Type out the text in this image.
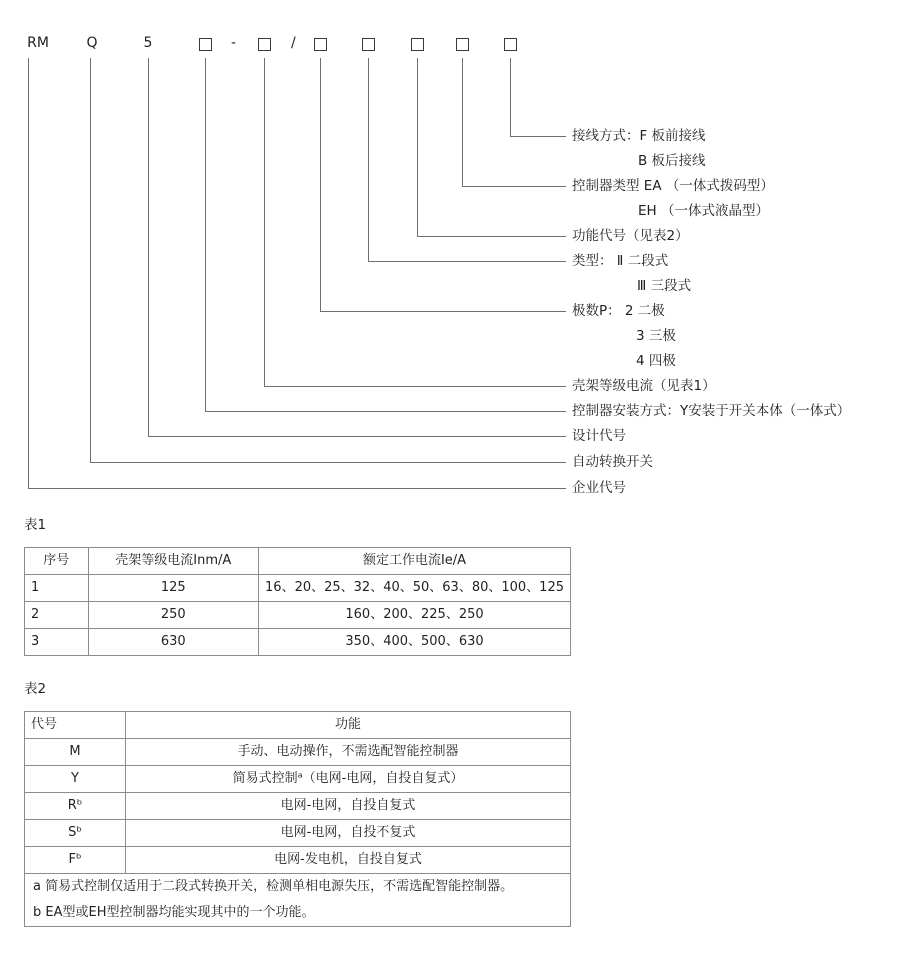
RM	Q	5	-	/
接线方式：F 板前接线
B 板后接线
控制器类型 EA （一体式拨码型）
EH （一体式液晶型）
功能代号（见表2）
类型： Ⅱ 二段式
Ⅲ 三段式
极数P： 2 二极
3 三极
4 四极
壳架等级电流（见表1）
控制器安装方式：Y安装于开关本体（一体式）
设计代号
自动转换开关
企业代号
表1
序号	壳架等级电流Inm/A	额定工作电流Ie/A
1	125	16、20、25、32、40、50、63、80、100、125
2	250	160、200、225、250
3	630	350、400、500、630
表2
代号	功能
M	手动、电动操作，不需选配智能控制器
Y	简易式控制ᵃ（电网-电网，自投自复式）
Rᵇ	电网-电网，自投自复式
Sᵇ	电网-电网，自投不复式
Fᵇ	电网-发电机，自投自复式
a 简易式控制仅适用于二段式转换开关，检测单相电源失压，不需选配智能控制器。	
b EA型或EH型控制器均能实现其中的一个功能。	
